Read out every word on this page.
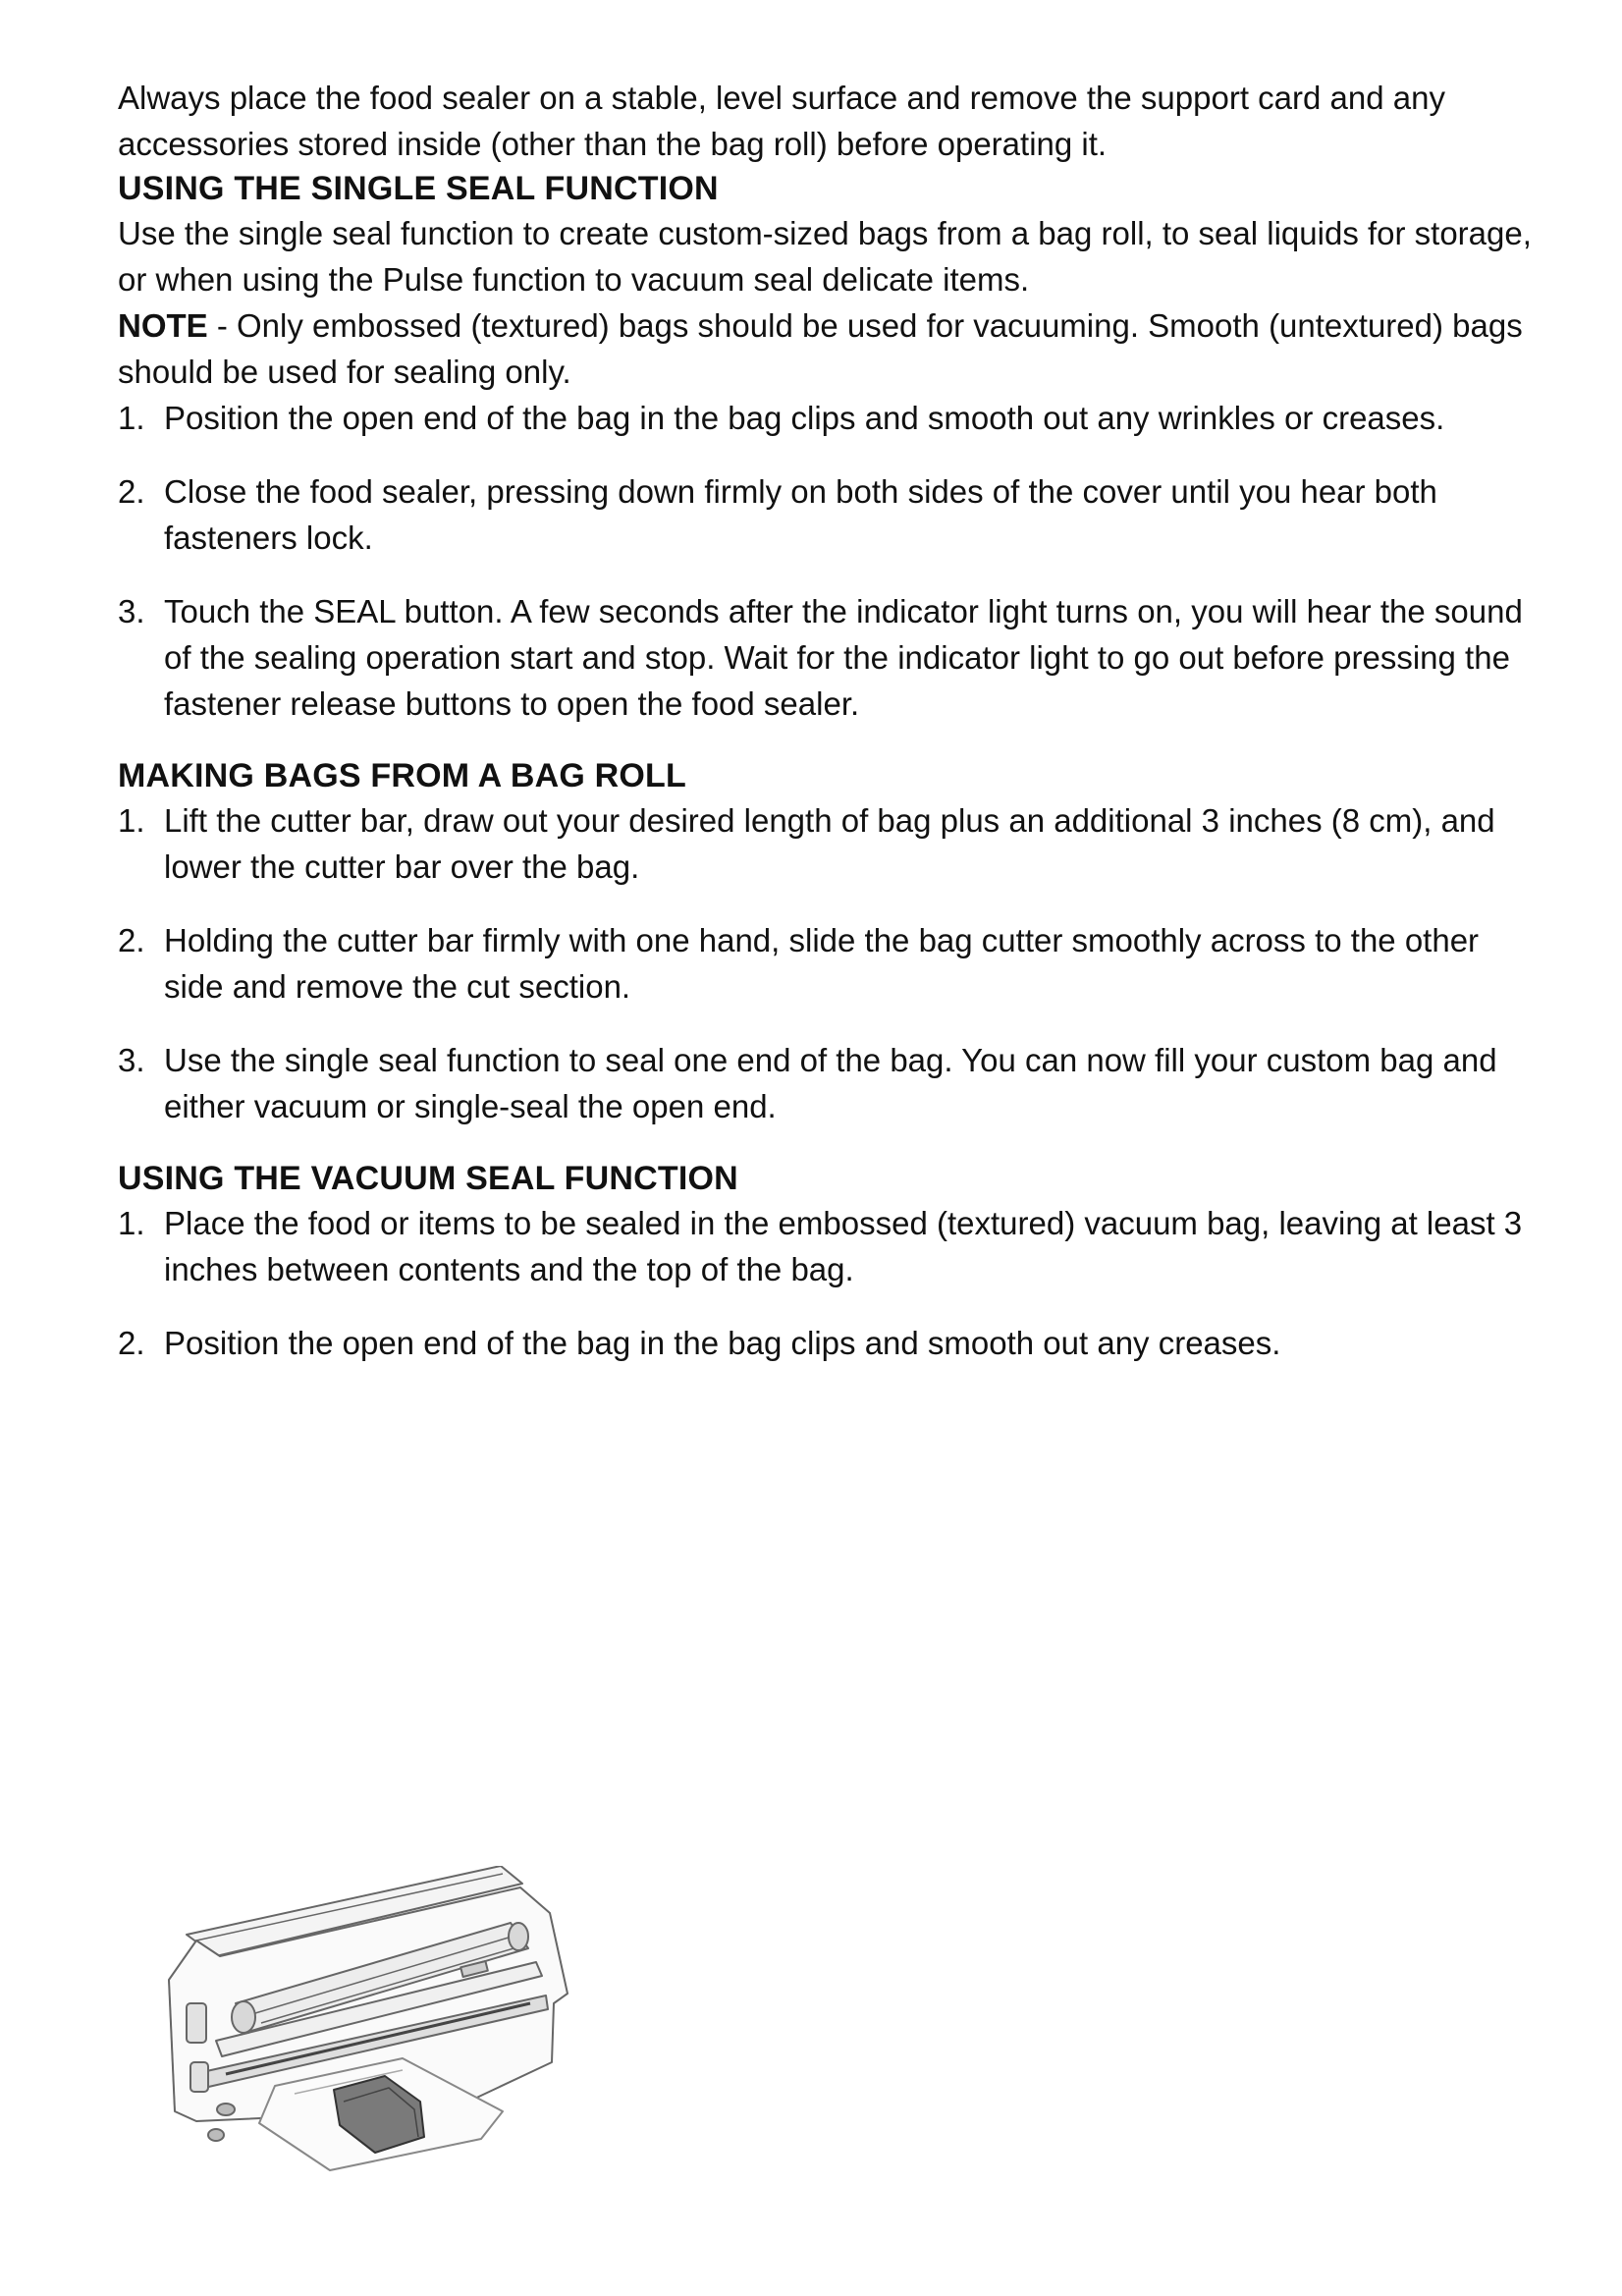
Always place the food sealer on a stable, level surface and remove the support card and any accessories stored inside (other than the bag roll) before operating it.

USING THE SINGLE SEAL FUNCTION

Use the single seal function to create custom-sized bags from a bag roll, to seal liquids for storage, or when using the Pulse function to vacuum seal delicate items.

NOTE - Only embossed (textured) bags should be used for vacuuming. Smooth (untextured) bags should be used for sealing only.

1. Position the open end of the bag in the bag clips and smooth out any wrinkles or creases.
2. Close the food sealer, pressing down firmly on both sides of the cover until you hear both fasteners lock.
3. Touch the SEAL button. A few seconds after the indicator light turns on, you will hear the sound of the sealing operation start and stop. Wait for the indicator light to go out before pressing the fastener release buttons to open the food sealer.
MAKING BAGS FROM A BAG ROLL
1. Lift the cutter bar, draw out your desired length of bag plus an additional 3 inches (8 cm), and lower the cutter bar over the bag.
2. Holding the cutter bar firmly with one hand, slide the bag cutter smoothly across to the other side and remove the cut section.
3. Use the single seal function to seal one end of the bag. You can now fill your custom bag and either vacuum or single-seal the open end.
USING THE VACUUM SEAL FUNCTION
1. Place the food or items to be sealed in the embossed (textured) vacuum bag, leaving at least 3 inches between contents and the top of the bag.
2. Position the open end of the bag in the bag clips and smooth out any creases.
